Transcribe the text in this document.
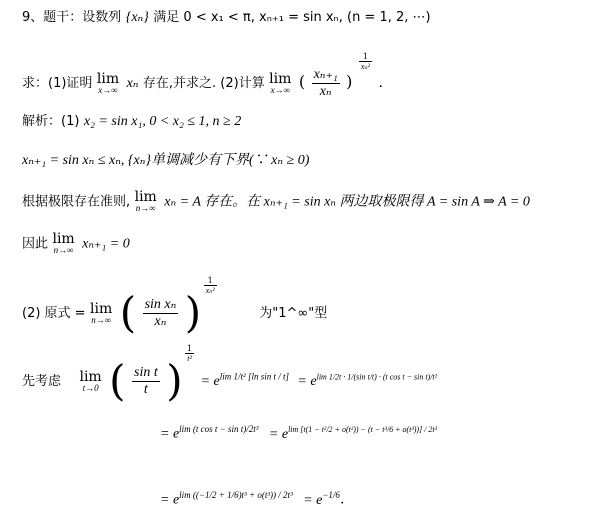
9、题干：设数列 {xₙ} 满足 0 < x₁ < π, xₙ₊₁ = sin xₙ, (n = 1, 2, ⋯)
求：(1)证明 lim
x→∞ xₙ 存在,并求之. (2)计算 lim
x→∞ ( $\frac{\text{xₙ₊₁}}{\text{xₙ}}$ )
$\frac{1}{\text{xₙ²}}$
.
解析：(1) x₂ = sin x₁, 0 < x₂ ≤ 1, n ≥ 2
xₙ₊₁ = sin xₙ ≤ xₙ, {xₙ}单调减少有下界(∵ xₙ ≥ 0)
根据极限存在准则, lim
n→∞ xₙ = A 存在。在 xₙ₊₁ = sin xₙ 两边取极限得 A = sin A ⇒ A = 0
因此 lim
n→∞ xₙ₊₁ = 0
(2) 原式 = lim
n→∞ ( $\frac{\text{sin xₙ}}{\text{xₙ}}$ )
$\frac{1}{\text{xₙ²}}$
为"1^∞"型
先考虑 lim
t→0 ( $\frac{\text{sin t}}{t}$ )
$\frac{1}{\text{t²}}$
= $e^{lim 1/t^2 [ln sin t / t]} = e^{lim 1/2t \cdot 1/(sin t/t) \cdot (t cos t - sin t)/t^2}$
= $e^{lim (t cos t - sin t)/2t^3} = e^{lim [t(1 - t^2/2 + o(t^2)) - (t - t^3/6 + o(t^3))] / 2t^3}$
= $e^{lim ((-1/2 + 1/6)t^3 + o(t^3)) / 2t^3} = e^{-1/6}$.
